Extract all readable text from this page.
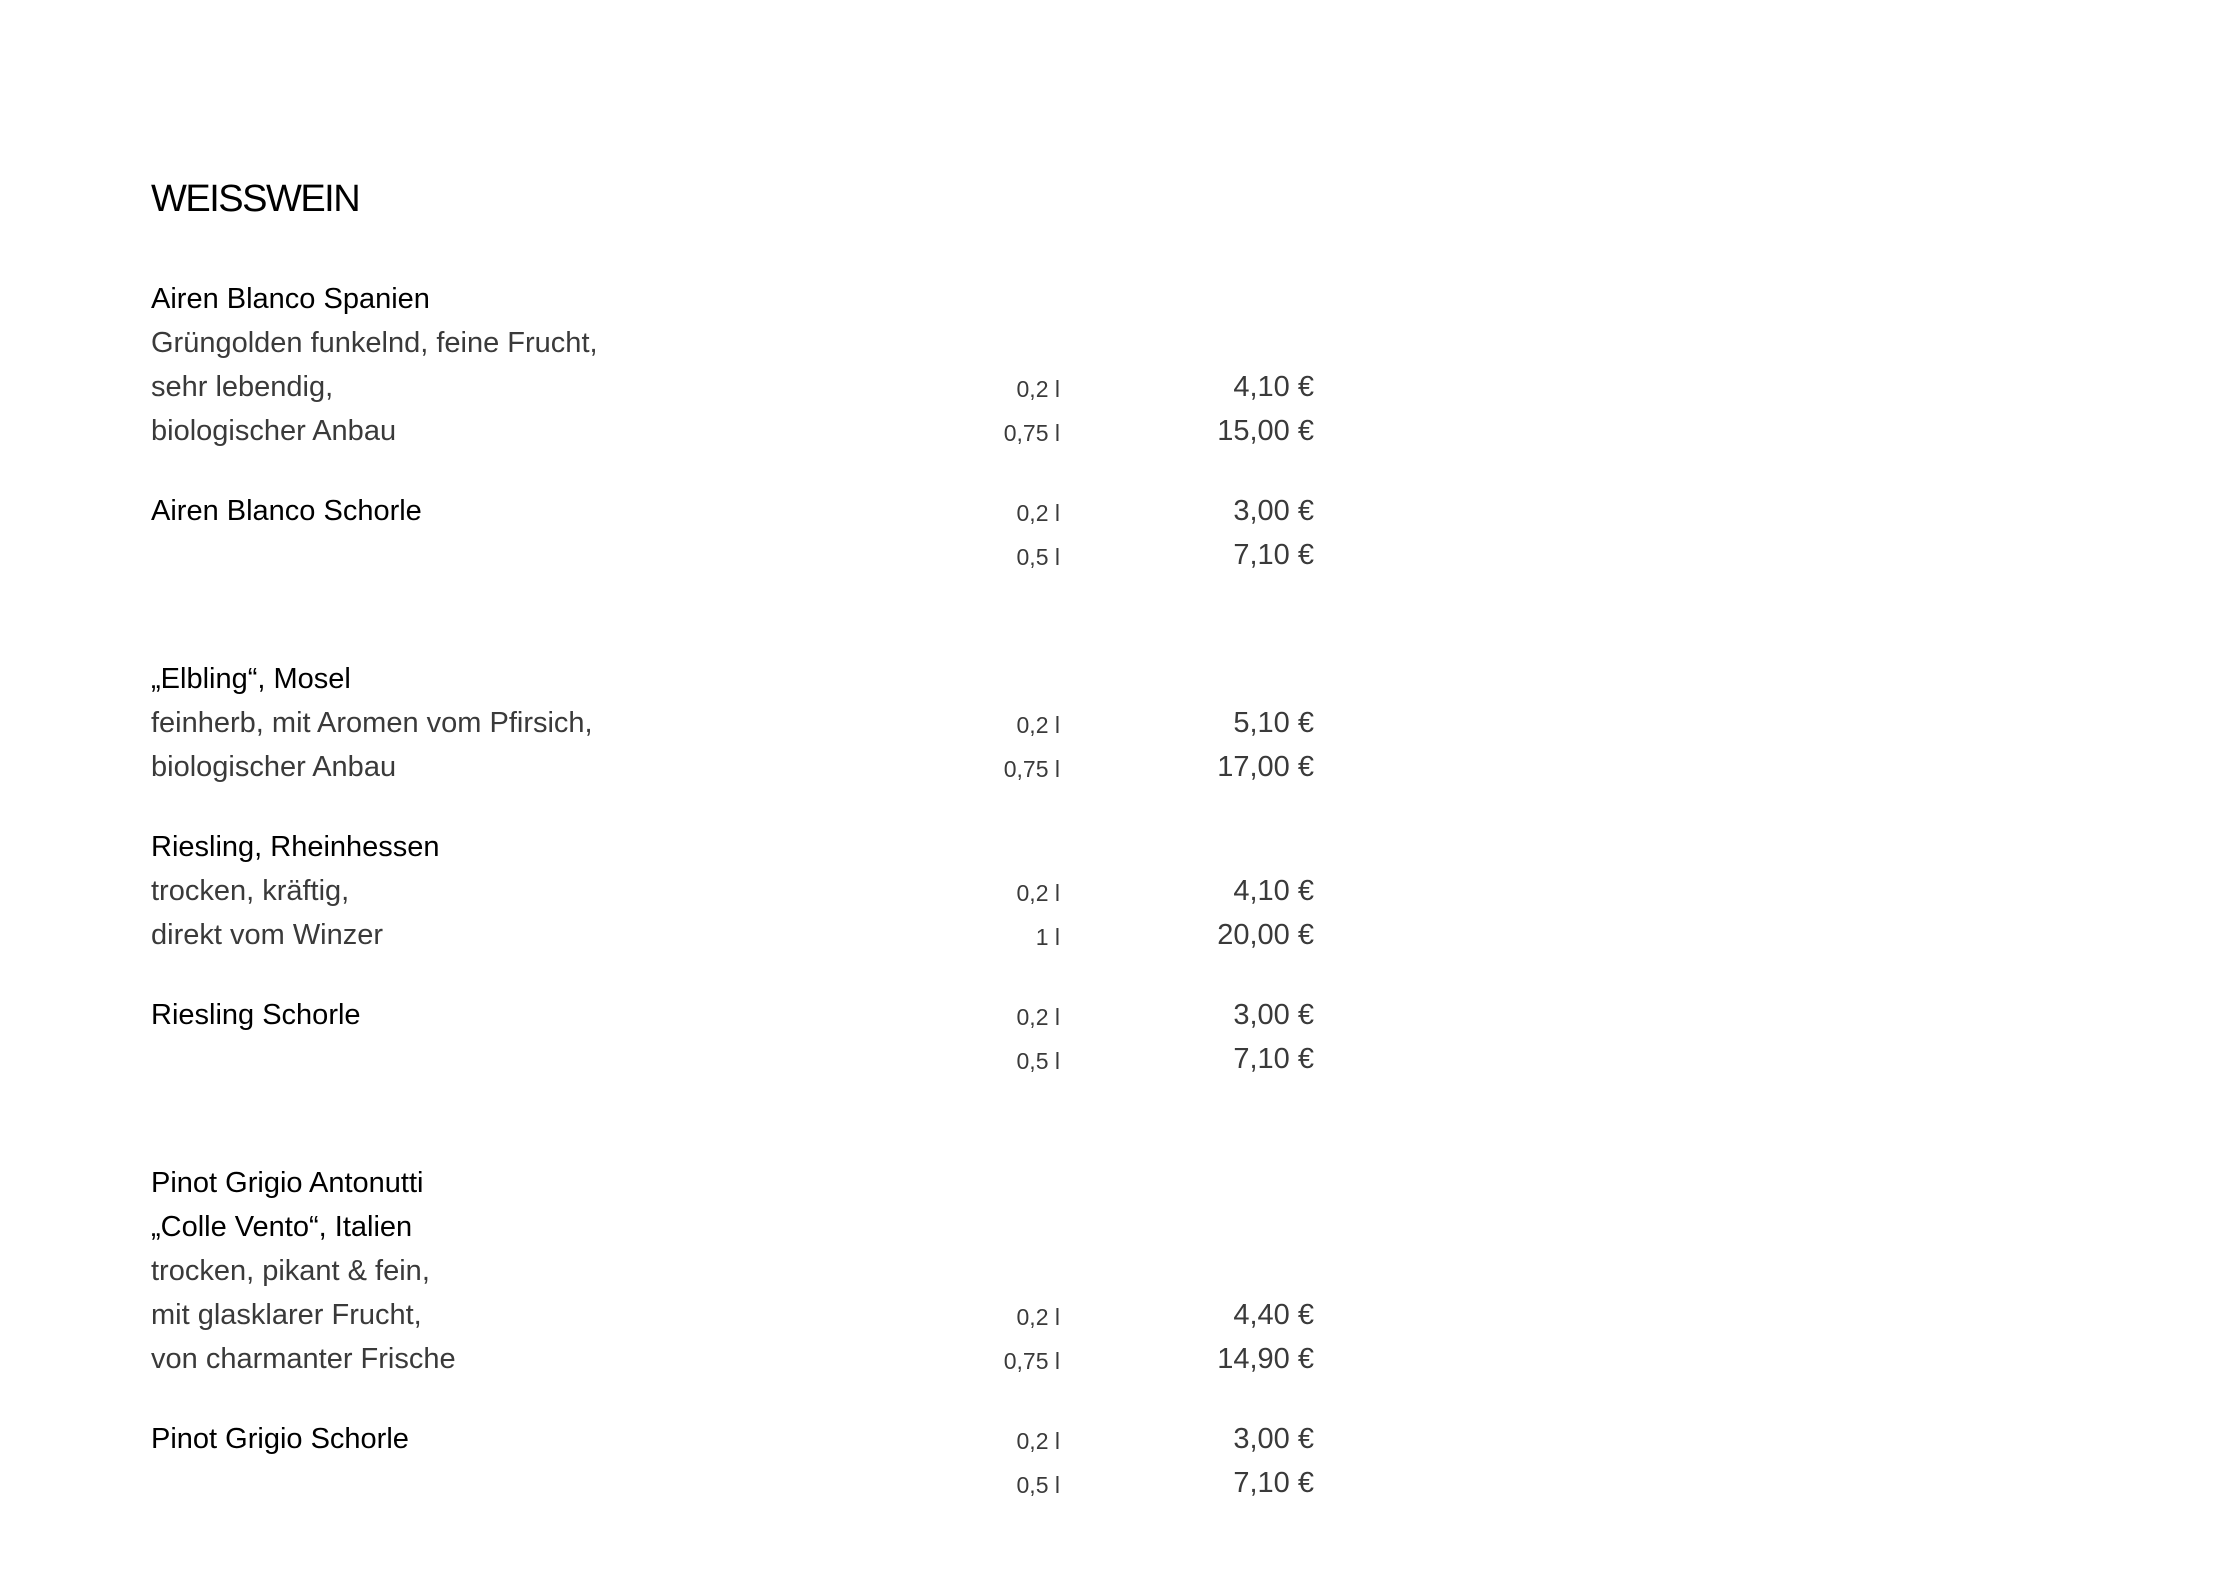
WEISSWEIN
Airen Blanco Spanien
Grüngolden funkelnd, feine Frucht,
sehr lebendig,	0,2 l	4,10 €
biologischer Anbau	0,75 l	15,00 €
Airen Blanco Schorle	0,2 l	3,00 €
0,5 l	7,10 €
„Elbling“, Mosel
feinherb, mit Aromen vom Pfirsich,	0,2 l	5,10 €
biologischer Anbau	0,75 l	17,00 €
Riesling, Rheinhessen
trocken, kräftig,	0,2 l	4,10 €
direkt vom Winzer	1 l	20,00 €
Riesling Schorle	0,2 l	3,00 €
0,5 l	7,10 €
Pinot Grigio Antonutti
„Colle Vento“, Italien
trocken, pikant & fein,
mit glasklarer Frucht,	0,2 l	4,40 €
von charmanter Frische	0,75 l	14,90 €
Pinot Grigio Schorle	0,2 l	3,00 €
0,5 l	7,10 €
